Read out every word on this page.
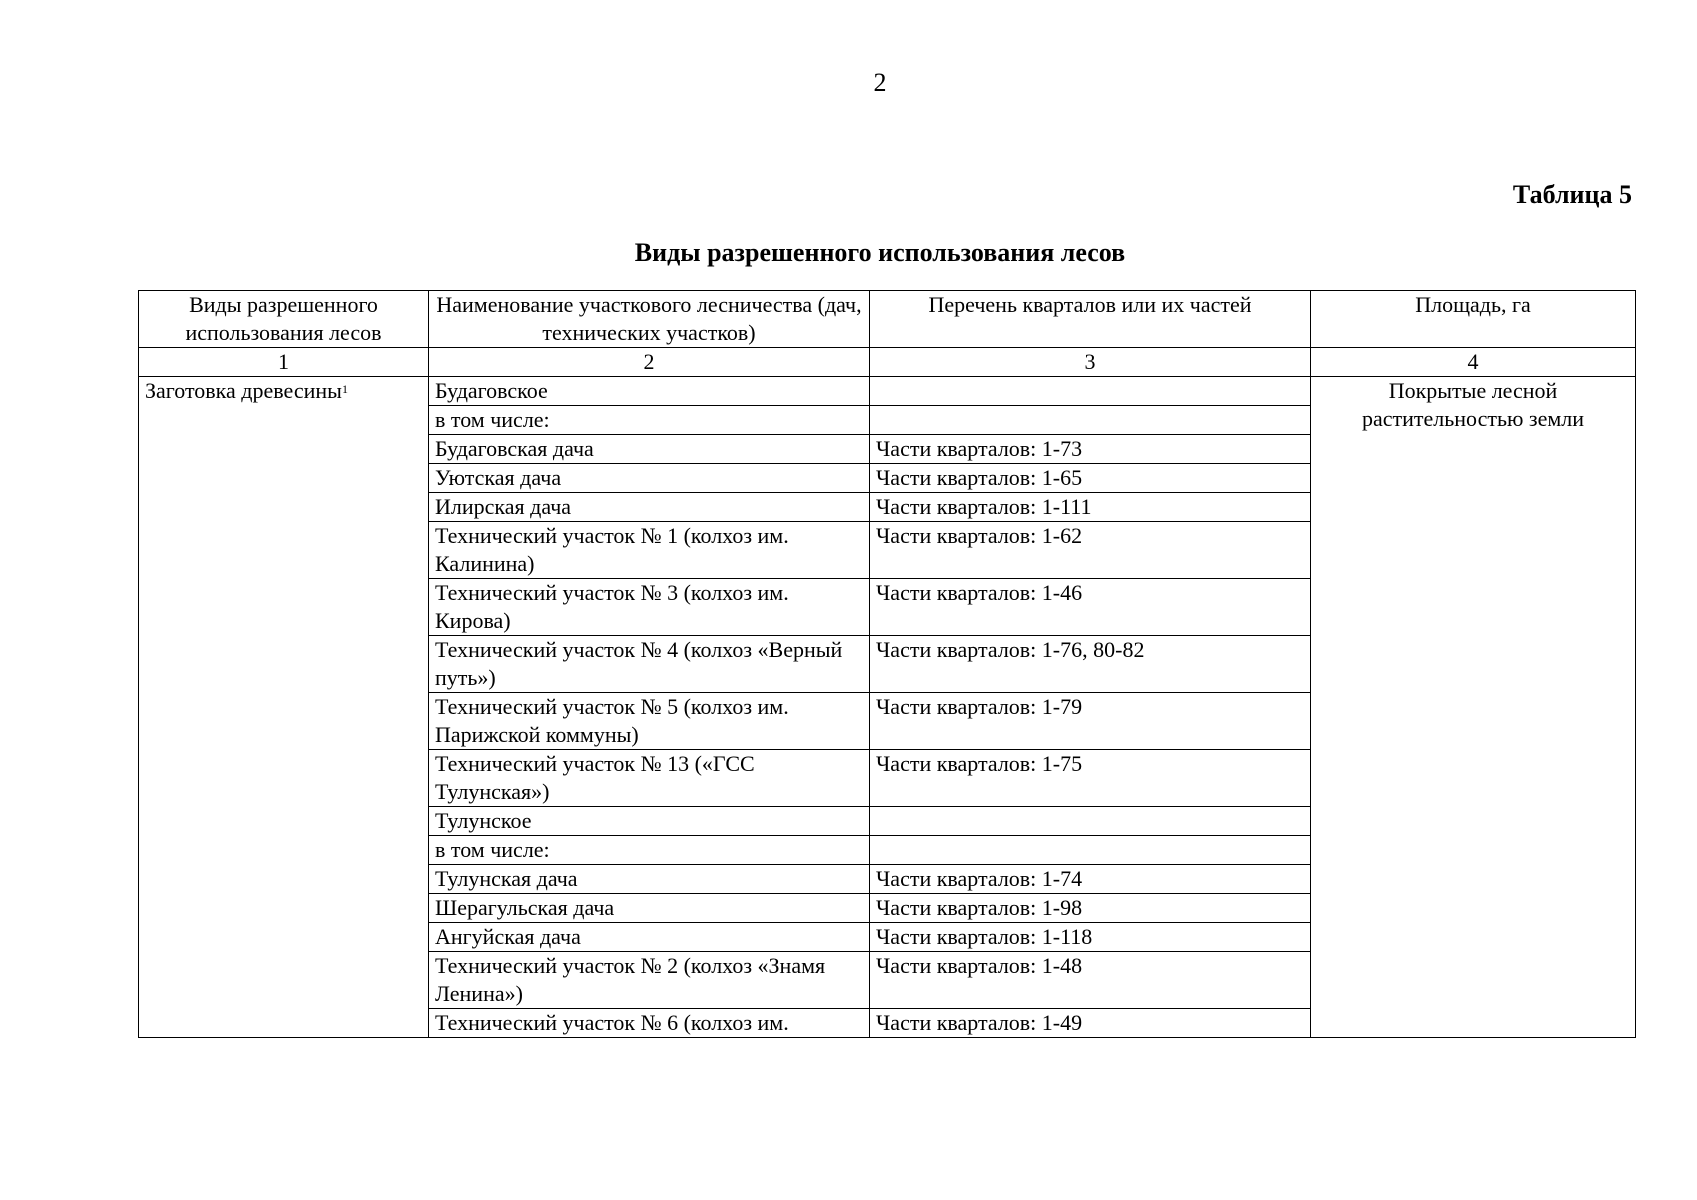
2
Таблица 5
Виды разрешенного использования лесов
Виды разрешенного использования лесов	Наименование участкового лесничества (дач, технических участков)	Перечень кварталов или их частей	Площадь, га
1	2	3	4
Заготовка древесины$^1$	Будаговское		Покрытые лесной растительностью земли
	в том числе:		
	Будаговская дача	Части кварталов: 1-73	
	Уютская дача	Части кварталов: 1-65	
	Илирская дача	Части кварталов: 1-111	
	Технический участок № 1 (колхоз им. Калинина)	Части кварталов: 1-62	
	Технический участок № 3 (колхоз им. Кирова)	Части кварталов: 1-46	
	Технический участок № 4 (колхоз «Верный путь»)	Части кварталов: 1-76, 80-82	
	Технический участок № 5 (колхоз им. Парижской коммуны)	Части кварталов: 1-79	
	Технический участок № 13 («ГСС Тулунская»)	Части кварталов: 1-75	
	Тулунское		
	в том числе:		
	Тулунская дача	Части кварталов: 1-74	
	Шерагульская дача	Части кварталов: 1-98	
	Ангуйская дача	Части кварталов: 1-118	
	Технический участок № 2 (колхоз «Знамя Ленина»)	Части кварталов: 1-48	
	Технический участок № 6 (колхоз им.	Части кварталов: 1-49	
